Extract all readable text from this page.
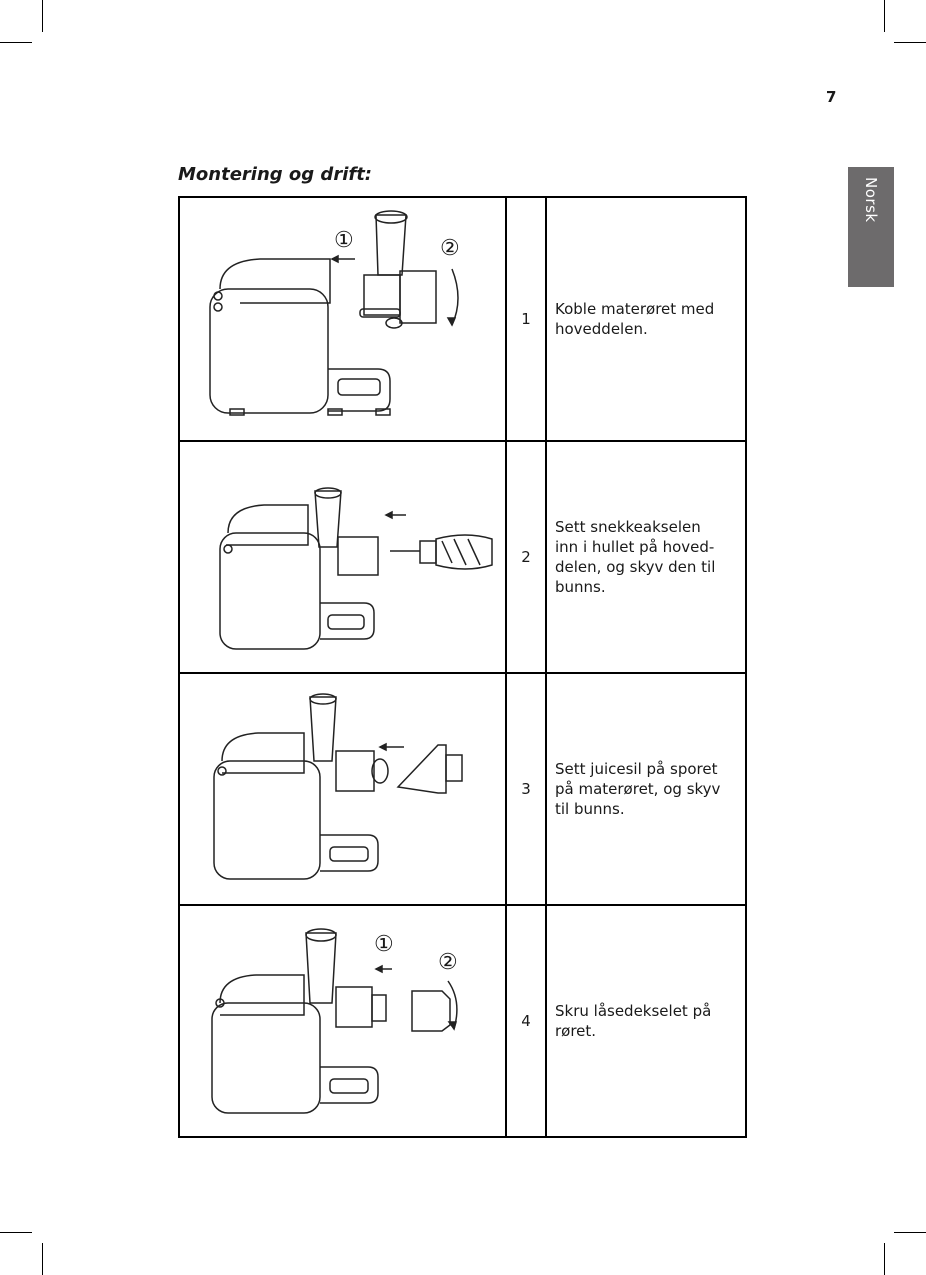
7
Norsk
Montering og drift:
	1	Koble materøret med
hoveddelen.

	2	Sett snekkeakselen
inn i hullet på hoved-
delen, og skyv den til
bunns.

	3	Sett juicesil på sporet
på materøret, og skyv
til bunns.

	4	Skru låsedekselet på
røret.
①	②
①
②
